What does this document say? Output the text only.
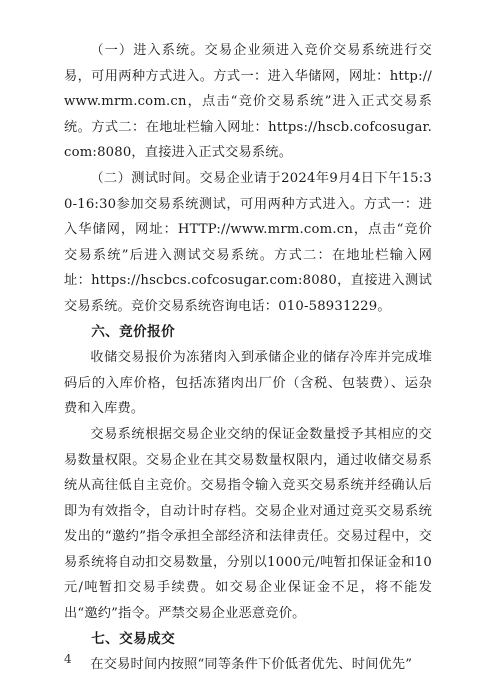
（一）进入系统。交易企业须进入竞价交易系统进行交易，可用两种方式进入。方式一：进入华储网，网址：http://www.mrm.com.cn，点击“竞价交易系统”进入正式交易系统。方式二：在地址栏输入网址：https://hscb.cofcosugar.com:8080，直接进入正式交易系统。

（二）测试时间。交易企业请于2024年9月4日下午15:30-16:30参加交易系统测试，可用两种方式进入。方式一：进入华储网，网址：HTTP://www.mrm.com.cn，点击“竞价交易系统”后进入测试交易系统。方式二：在地址栏输入网址：https://hscbcs.cofcosugar.com:8080，直接进入测试交易系统。竞价交易系统咨询电话：010-58931229。

六、竞价报价

收储交易报价为冻猪肉入到承储企业的储存冷库并完成堆码后的入库价格，包括冻猪肉出厂价（含税、包装费）、运杂费和入库费。

交易系统根据交易企业交纳的保证金数量授予其相应的交易数量权限。交易企业在其交易数量权限内，通过收储交易系统从高往低自主竞价。交易指令输入竞买交易系统并经确认后即为有效指令，自动计时存档。交易企业对通过竞买交易系统发出的“邀约”指令承担全部经济和法律责任。交易过程中，交易系统将自动扣交易数量，分别以1000元/吨暂扣保证金和10元/吨暂扣交易手续费。如交易企业保证金不足，将不能发出“邀约”指令。严禁交易企业恶意竞价。

七、交易成交

在交易时间内按照“同等条件下价低者优先、时间优先”

4
